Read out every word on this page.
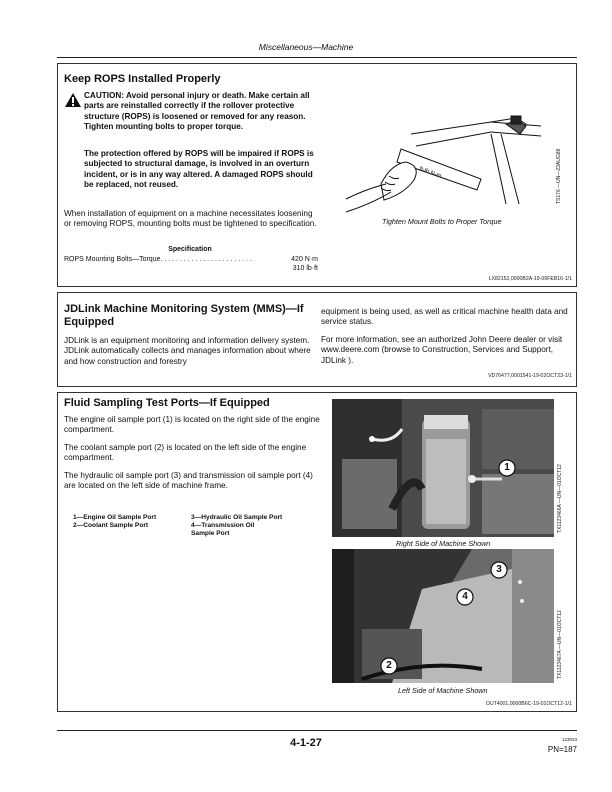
Miscellaneous—Machine
Keep ROPS Installed Properly
CAUTION: Avoid personal injury or death. Make certain all parts are reinstalled correctly if the rollover protective structure (ROPS) is loosened or removed for any reason. Tighten mounting bolts to proper torque.
The protection offered by ROPS will be impaired if ROPS is subjected to structural damage, is involved in an overturn incident, or is in any way altered. A damaged ROPS should be replaced, not reused.
When installation of equipment on a machine necessitates loosening or removing ROPS, mounting bolts must be tightened to specification.
Specification
ROPS Mounting Bolts—Torque. . . . . . . . . . . . . . . . . . . . . . . .	420 N·m
310 lb·ft
ft-lb N-m	TS176 —UN—23AUG88
Tighten Mount Bolts to Proper Torque
LX82152,0000B2A-19-09FEB16-1/1
JDLink Machine Monitoring System (MMS)—If Equipped
JDLink is an equipment monitoring and information delivery system. JDLink automatically collects and manages information about where and how construction and forestry
equipment is being used, as well as critical machine health data and service status.
For more information, see an authorized John Deere dealer or visit www.deere.com (browse to Construction, Services and Support, JDLink ).
VD76477,0001541-19-02OCT23-1/1
Fluid Sampling Test Ports—If Equipped
The engine oil sample port (1) is located on the right side of the engine compartment.
The coolant sample port (2) is located on the left side of the engine compartment.
The hydraulic oil sample port (3) and transmission oil sample port (4) are located on the left side of machine frame.
1—Engine Oil Sample Port
2—Coolant Sample Port
3—Hydraulic Oil Sample Port
4—Transmission Oil Sample Port
1	TX1123466A —UN—01OCT12
Right Side of Machine Shown
3
4
2	TX1123467A —UN—01OCT12
Left Side of Machine Shown
OUT4001,0000B6C-19-01OCT12-1/1
4-1-27	123023
PN=187
